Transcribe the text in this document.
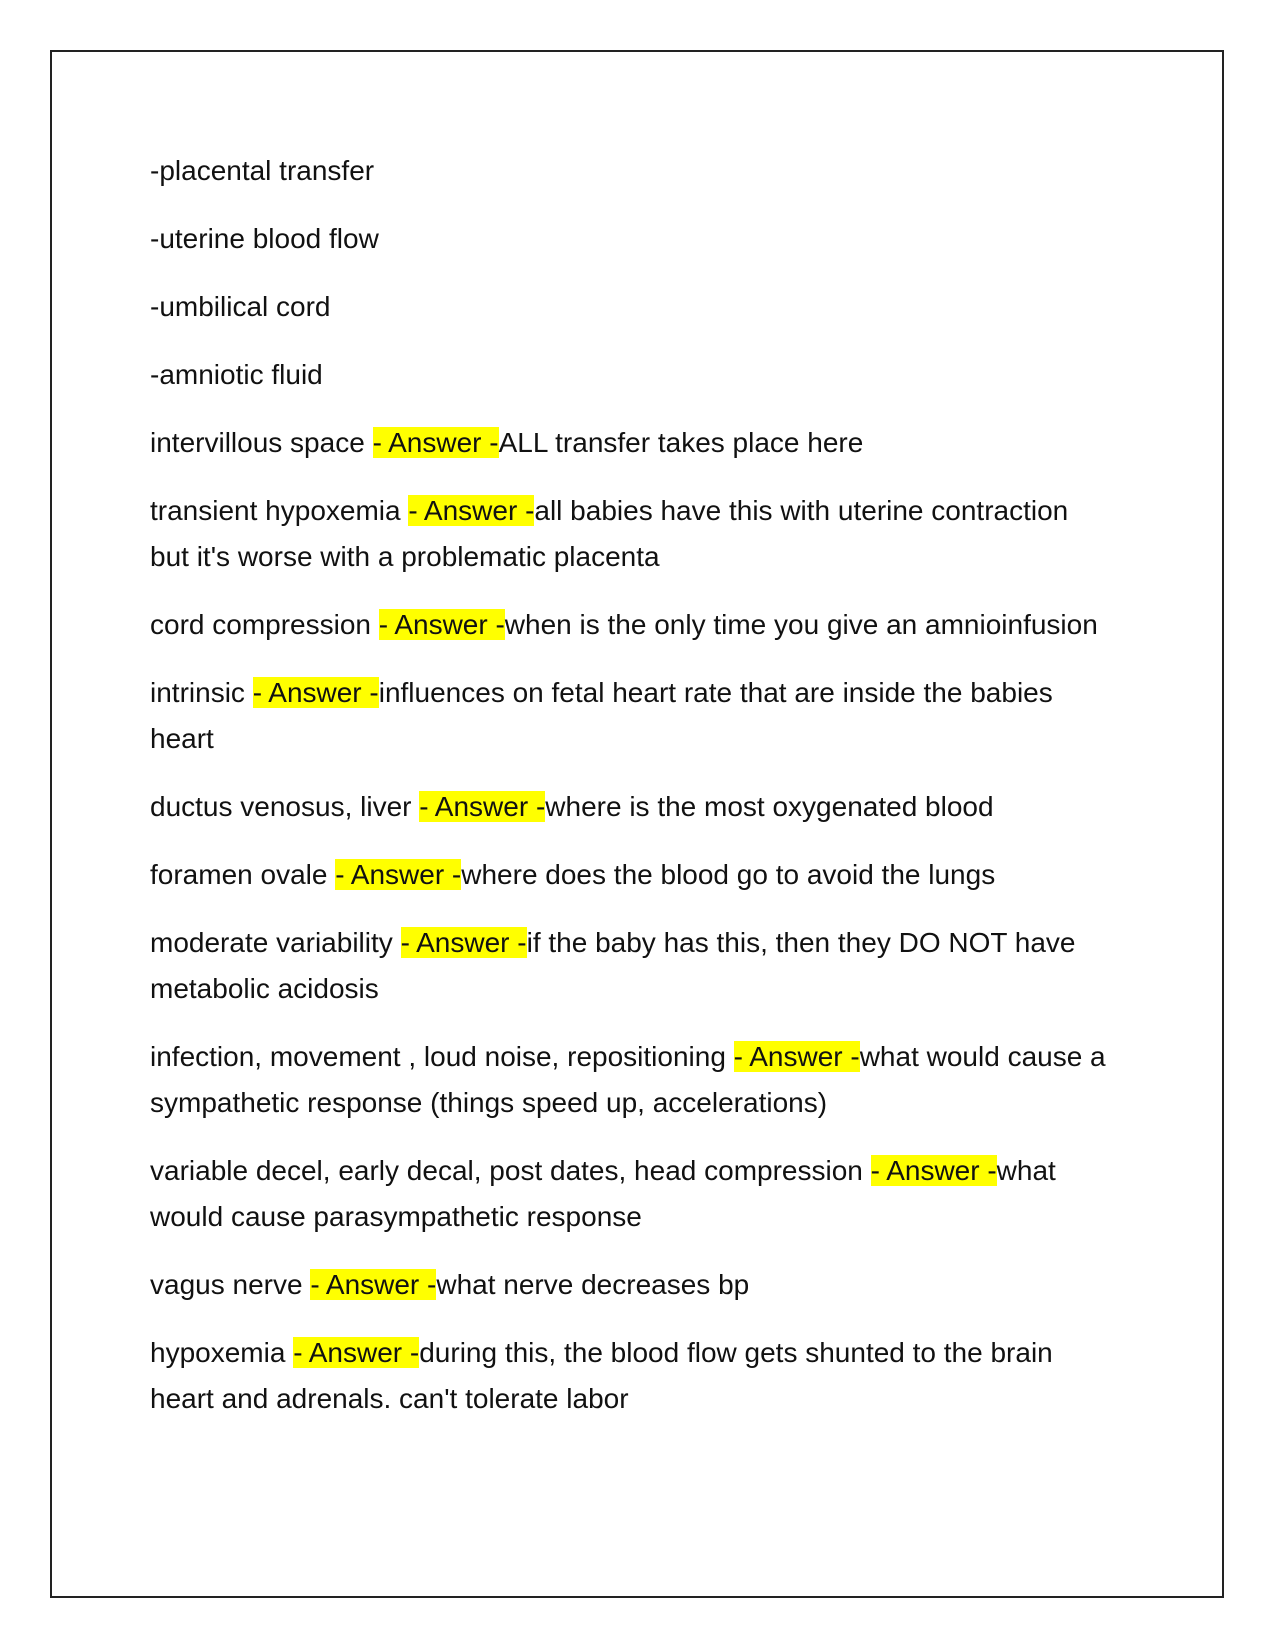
-placental transfer

-uterine blood flow

-umbilical cord

-amniotic fluid

intervillous space - Answer -ALL transfer takes place here

transient hypoxemia - Answer -all babies have this with uterine contraction but it's worse with a problematic placenta

cord compression - Answer -when is the only time you give an amnioinfusion

intrinsic - Answer -influences on fetal heart rate that are inside the babies heart

ductus venosus, liver - Answer -where is the most oxygenated blood

foramen ovale - Answer -where does the blood go to avoid the lungs

moderate variability - Answer -if the baby has this, then they DO NOT have metabolic acidosis

infection, movement , loud noise, repositioning - Answer -what would cause a sympathetic response (things speed up, accelerations)

variable decel, early decal, post dates, head compression - Answer -what would cause parasympathetic response

vagus nerve - Answer -what nerve decreases bp

hypoxemia - Answer -during this, the blood flow gets shunted to the brain heart and adrenals. can't tolerate labor
